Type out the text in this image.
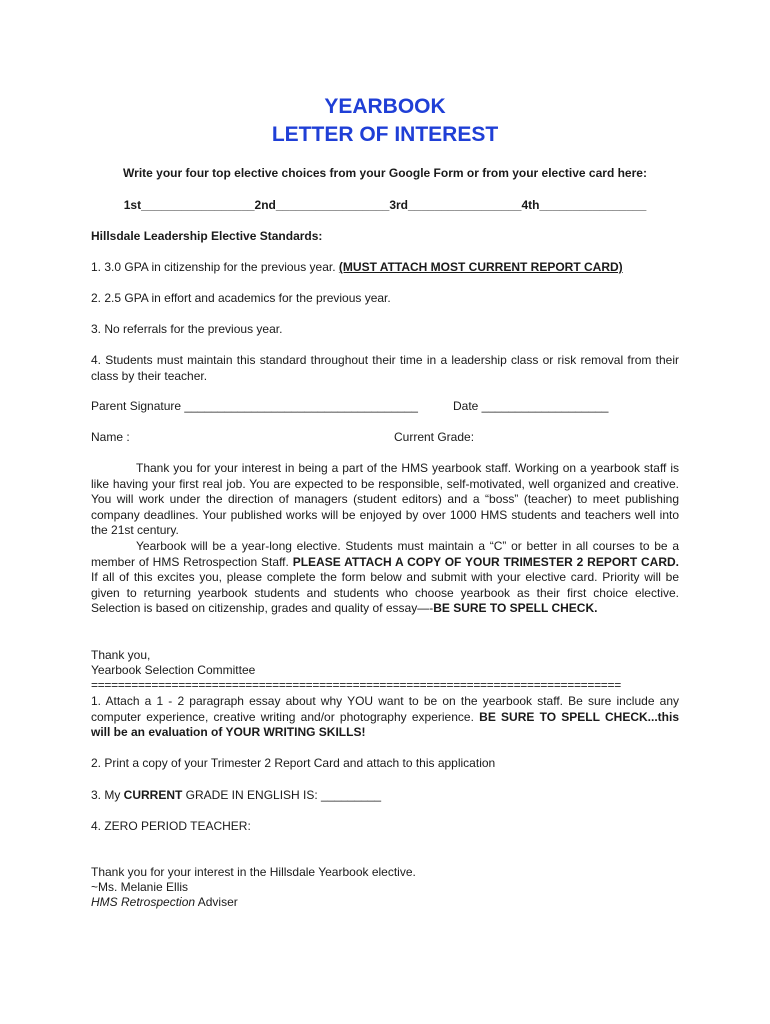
YEARBOOK
LETTER OF INTEREST
Write your four top elective choices from your Google Form or from your elective card here:
1st_________________2nd_________________3rd_________________4th________________
Hillsdale Leadership Elective Standards:
1. 3.0 GPA in citizenship for the previous year. (MUST ATTACH MOST CURRENT REPORT CARD)
2. 2.5 GPA in effort and academics for the previous year.
3. No referrals for the previous year.
4. Students must maintain this standard throughout their time in a leadership class or risk removal from their class by their teacher.
Parent Signature ___________________________________	Date ___________________
Name :	Current Grade:
Thank you for your interest in being a part of the HMS yearbook staff. Working on a yearbook staff is like having your first real job. You are expected to be responsible, self-motivated, well organized and creative. You will work under the direction of managers (student editors) and a “boss” (teacher) to meet publishing company deadlines. Your published works will be enjoyed by over 1000 HMS students and teachers well into the 21st century.
Yearbook will be a year-long elective. Students must maintain a “C” or better in all courses to be a member of HMS Retrospection Staff. PLEASE ATTACH A COPY OF YOUR TRIMESTER 2 REPORT CARD. If all of this excites you, please complete the form below and submit with your elective card. Priority will be given to returning yearbook students and students who choose yearbook as their first choice elective. Selection is based on citizenship, grades and quality of essay—-BE SURE TO SPELL CHECK.
Thank you,
Yearbook Selection Committee
===============================================================================
1. Attach a 1 - 2 paragraph essay about why YOU want to be on the yearbook staff. Be sure include any computer experience, creative writing and/or photography experience. BE SURE TO SPELL CHECK...this will be an evaluation of YOUR WRITING SKILLS!
2. Print a copy of your Trimester 2 Report Card and attach to this application
3. My CURRENT GRADE IN ENGLISH IS: _________
4. ZERO PERIOD TEACHER:
Thank you for your interest in the Hillsdale Yearbook elective.
~Ms. Melanie Ellis
HMS Retrospection Adviser
